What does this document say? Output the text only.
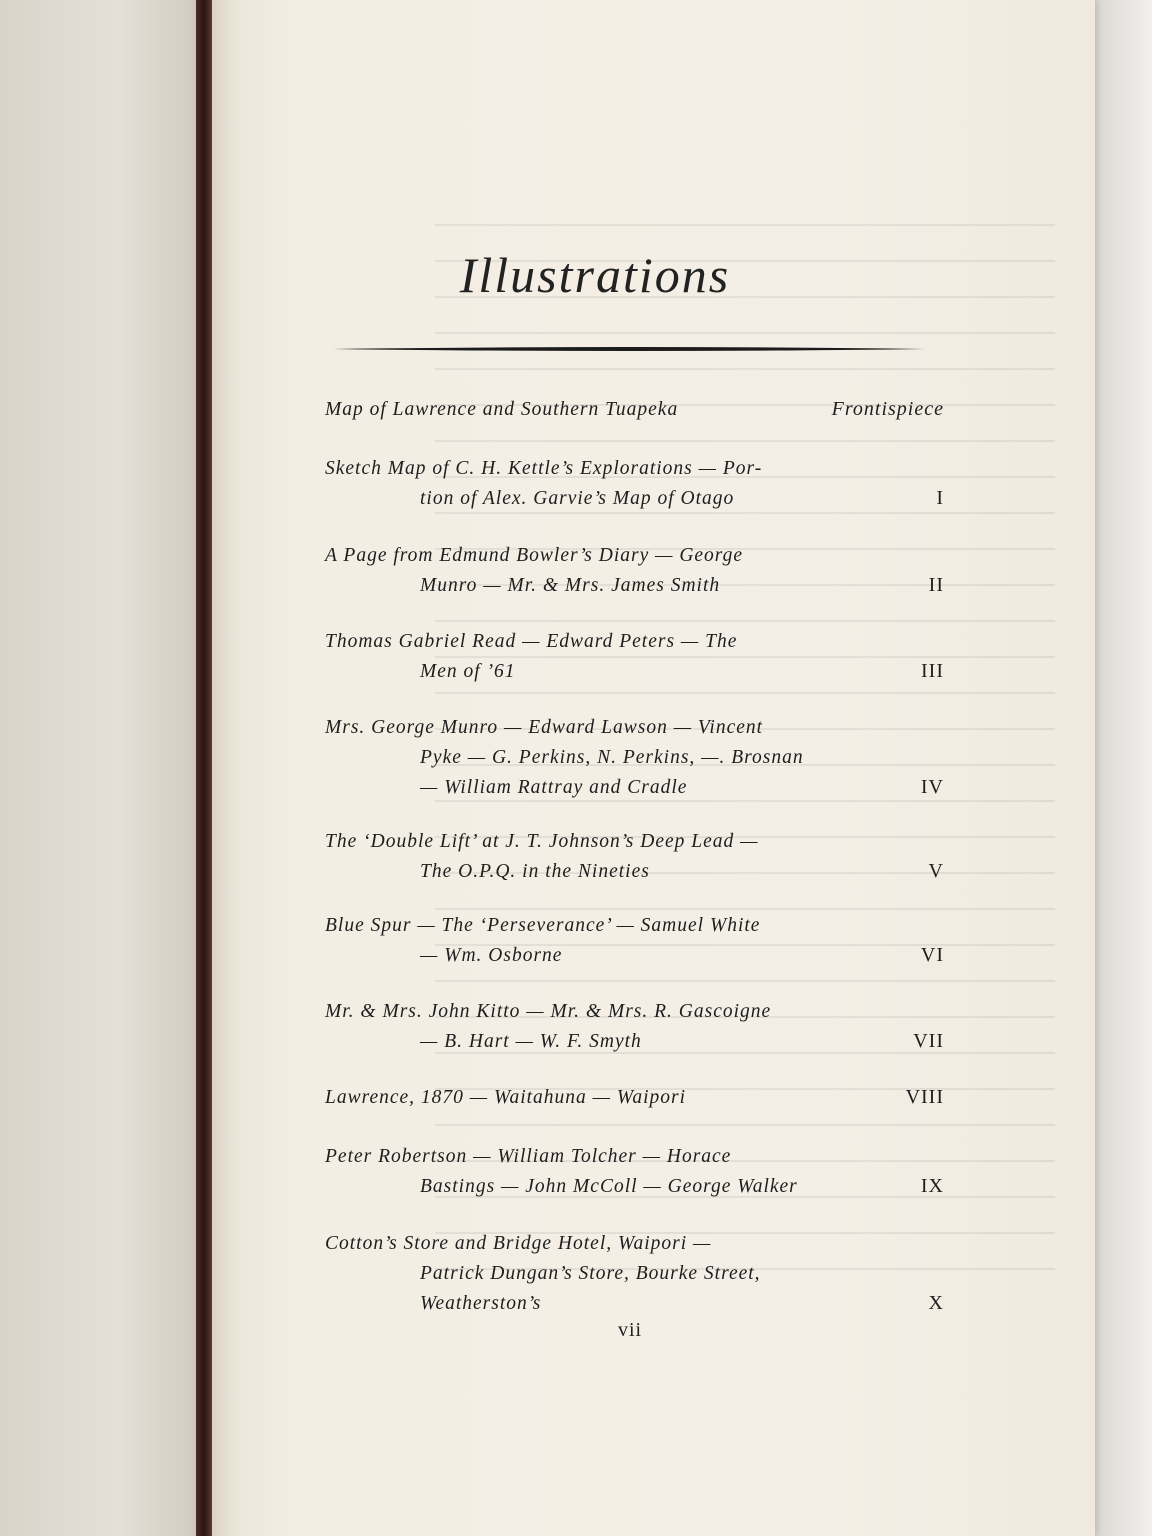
Illustrations
Map of Lawrence and Southern Tuapeka	Frontispiece
Sketch Map of C. H. Kettle’s Explorations — Por-
tion of Alex. Garvie’s Map of Otago	I
A Page from Edmund Bowler’s Diary — George
Munro — Mr. & Mrs. James Smith	II
Thomas Gabriel Read — Edward Peters — The
Men of ’61	III
Mrs. George Munro — Edward Lawson — Vincent
Pyke — G. Perkins, N. Perkins, —. Brosnan
— William Rattray and Cradle	IV
The ‘Double Lift’ at J. T. Johnson’s Deep Lead —
The O.P.Q. in the Nineties	V
Blue Spur — The ‘Perseverance’ — Samuel White
— Wm. Osborne	VI
Mr. & Mrs. John Kitto — Mr. & Mrs. R. Gascoigne
— B. Hart — W. F. Smyth	VII
Lawrence, 1870 — Waitahuna — Waipori	VIII
Peter Robertson — William Tolcher — Horace
Bastings — John McColl — George Walker	IX
Cotton’s Store and Bridge Hotel, Waipori —
Patrick Dungan’s Store, Bourke Street,
Weatherston’s	X
vii
